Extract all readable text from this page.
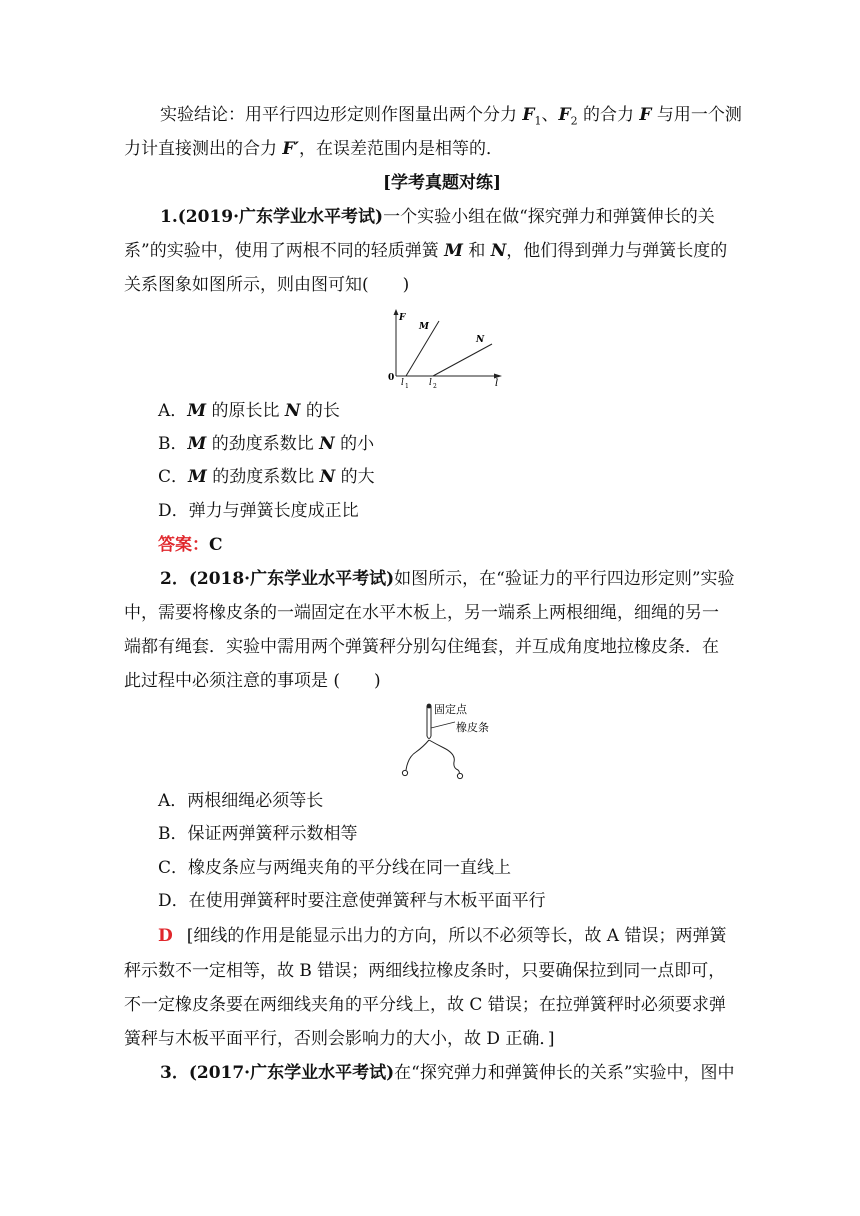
实验结论：用平行四边形定则作图量出两个分力 $F_1$、$F_2$ 的合力 F 与用一个测
力计直接测出的合力 F′，在误差范围内是相等的．
[学考真题对练]
1.(2019·广东学业水平考试)一个实验小组在做“探究弹力和弹簧伸长的关
系”的实验中，使用了两根不同的轻质弹簧 M 和 N，他们得到弹力与弹簧长度的
关系图象如图所示，则由图可知(　　)
F
M
N
0 l 1 l 2	l
A．M 的原长比 N 的长
B．M 的劲度系数比 N 的小
C．M 的劲度系数比 N 的大
D．弹力与弹簧长度成正比
答案：C
2．(2018·广东学业水平考试)如图所示，在“验证力的平行四边形定则”实验
中，需要将橡皮条的一端固定在水平木板上，另一端系上两根细绳，细绳的另一
端都有绳套．实验中需用两个弹簧秤分别勾住绳套，并互成角度地拉橡皮条．在
此过程中必须注意的事项是 (　　)
固定点
橡皮条
A．两根细绳必须等长
B．保证两弹簧秤示数相等
C．橡皮条应与两绳夹角的平分线在同一直线上
D．在使用弹簧秤时要注意使弹簧秤与木板平面平行
D [细线的作用是能显示出力的方向，所以不必须等长，故 A 错误；两弹簧
秤示数不一定相等，故 B 错误；两细线拉橡皮条时，只要确保拉到同一点即可，
不一定橡皮条要在两细线夹角的平分线上，故 C 错误；在拉弹簧秤时必须要求弹
簧秤与木板平面平行，否则会影响力的大小，故 D 正确．]
3．(2017·广东学业水平考试)在“探究弹力和弹簧伸长的关系”实验中，图中
